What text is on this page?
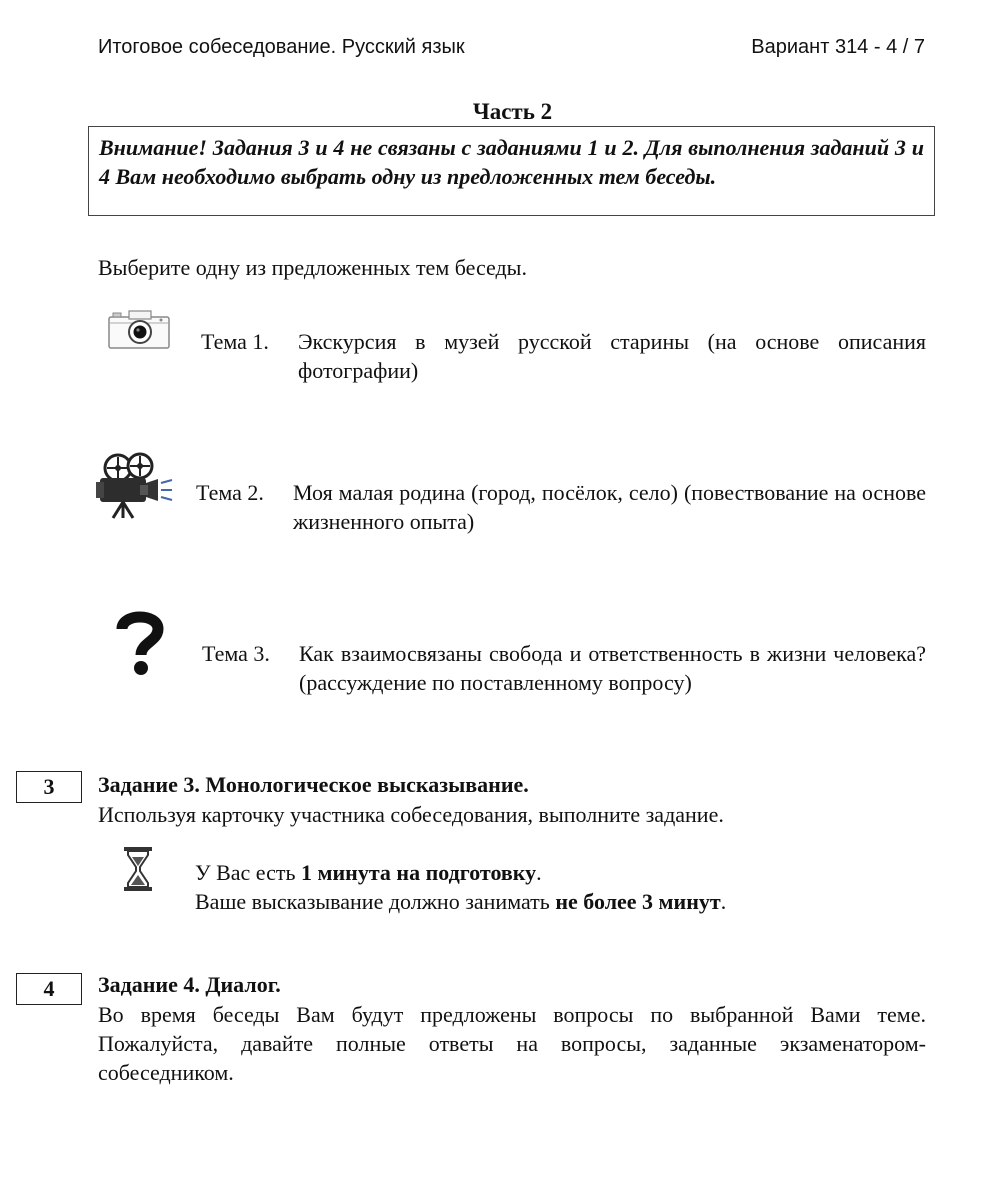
Итоговое собеседование. Русский язык	Вариант 314 - 4 / 7
Часть 2
Внимание! Задания 3 и 4 не связаны с заданиями 1 и 2. Для выполнения заданий 3 и 4 Вам необходимо выбрать одну из предложенных тем беседы.
Выберите одну из предложенных тем беседы.
Тема 1. Экскурсия в музей русской старины (на основе описания фотографии)
Тема 2. Моя малая родина (город, посёлок, село) (повествование на основе жизненного опыта)
Тема 3. Как взаимосвязаны свобода и ответственность в жизни человека? (рассуждение по поставленному вопросу)
3	Задание 3. Монологическое высказывание.
Используя карточку участника собеседования, выполните задание.
У Вас есть 1 минута на подготовку.
Ваше высказывание должно занимать не более 3 минут.
4	Задание 4. Диалог.
Во время беседы Вам будут предложены вопросы по выбранной Вами теме. Пожалуйста, давайте полные ответы на вопросы, заданные экзаменатором-собеседником.
